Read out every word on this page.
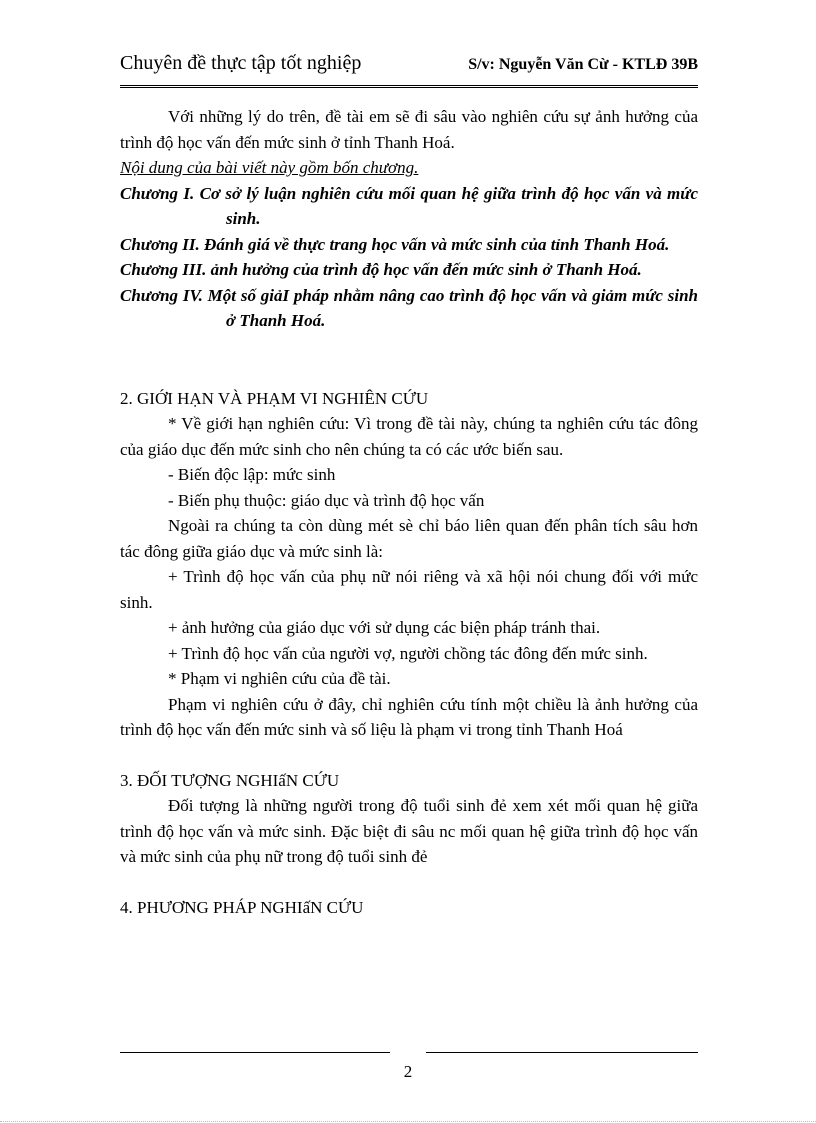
Chuyên đề thực tập tốt nghiệp	S/v: Nguyễn Văn Cừ - KTLĐ 39B

Với những lý do trên, đề tài em sẽ đi sâu vào nghiên cứu sự ảnh hưởng của trình độ học vấn đến mức sinh ở tỉnh Thanh Hoá.

Nội dung của bài viết này gồm bốn chương.

Chương I. Cơ sở lý luận nghiên cứu mối quan hệ giữa trình độ học vấn và mức sinh.

Chương II. Đánh giá về thực trang học vấn và mức sinh của tỉnh Thanh Hoá.

Chương III. ảnh hưởng của trình độ học vấn đến mức sinh ở Thanh Hoá.

Chương IV. Một số giảI pháp nhằm nâng cao trình độ học vấn và giảm mức sinh ở Thanh Hoá.

2. GIỚI HẠN VÀ PHẠM VI NGHIÊN CỨU

* Về giới hạn nghiên cứu: Vì trong đề tài này, chúng ta nghiên cứu tác đông của giáo dục đến mức sinh cho nên chúng ta có các ước biến sau.

- Biến độc lập: mức sinh

- Biến phụ thuộc: giáo dục và trình độ học vấn

Ngoài ra chúng ta còn dùng mét sè chỉ báo liên quan đến phân tích sâu hơn tác đông giữa giáo dục và mức sinh là:

+ Trình độ học vấn của phụ nữ nói riêng và xã hội nói chung đối với mức sinh.

+ ảnh hưởng của giáo dục với sử dụng các biện pháp tránh thai.

+ Trình độ học vấn của người vợ, người chồng tác đông đến mức sinh.

* Phạm vi nghiên cứu của đề tài.

Phạm vi nghiên cứu ở đây, chỉ nghiên cứu tính một chiều là ảnh hưởng của trình độ học vấn đến mức sinh và số liệu là phạm vi trong tỉnh Thanh Hoá

3. ĐỐI TƯỢNG NGHIấN CỨU

Đối tượng là những người trong độ tuổi sinh đẻ xem xét mối quan hệ giữa trình độ học vấn và mức sinh. Đặc biệt đi sâu nc mối quan hệ giữa trình độ học vấn và mức sinh của phụ nữ trong độ tuổi sinh đẻ

4. PHƯƠNG PHÁP NGHIấN CỨU

2
